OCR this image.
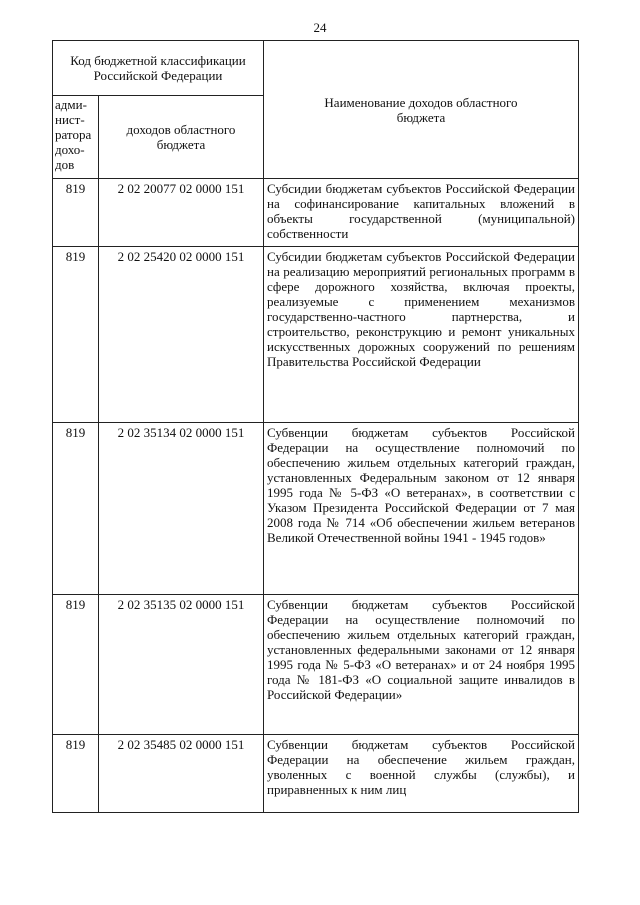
24
Код бюджетной классификации Российской Федерации		Наименование доходов областного бюджета
адми-нист-ратора дохо-дов	доходов областного бюджета	
819	2 02 20077 02 0000 151	Субсидии бюджетам субъектов Российской Федерации на софинансирование капитальных вложений в объекты государственной (муниципальной) собственности
819	2 02 25420 02 0000 151	Субсидии бюджетам субъектов Российской Федерации на реализацию мероприятий региональных программ в сфере дорожного хозяйства, включая проекты, реализуемые с применением механизмов государственно-частного партнерства, и строительство, реконструкцию и ремонт уникальных искусственных дорожных сооружений по решениям Правительства Российской Федерации
819	2 02 35134 02 0000 151	Субвенции бюджетам субъектов Российской Федерации на осуществление полномочий по обеспечению жильем отдельных категорий граждан, установленных Федеральным законом от 12 января 1995 года № 5-ФЗ «О ветеранах», в соответствии с Указом Президента Российской Федерации от 7 мая 2008 года № 714 «Об обеспечении жильем ветеранов Великой Отечественной войны 1941 - 1945 годов»
819	2 02 35135 02 0000 151	Субвенции бюджетам субъектов Российской Федерации на осуществление полномочий по обеспечению жильем отдельных категорий граждан, установленных федеральными законами от 12 января 1995 года № 5-ФЗ «О ветеранах» и от 24 ноября 1995 года № 181-ФЗ «О социальной защите инвалидов в Российской Федерации»
819	2 02 35485 02 0000 151	Субвенции бюджетам субъектов Российской Федерации на обеспечение жильем граждан, уволенных с военной службы (службы), и приравненных к ним лиц
